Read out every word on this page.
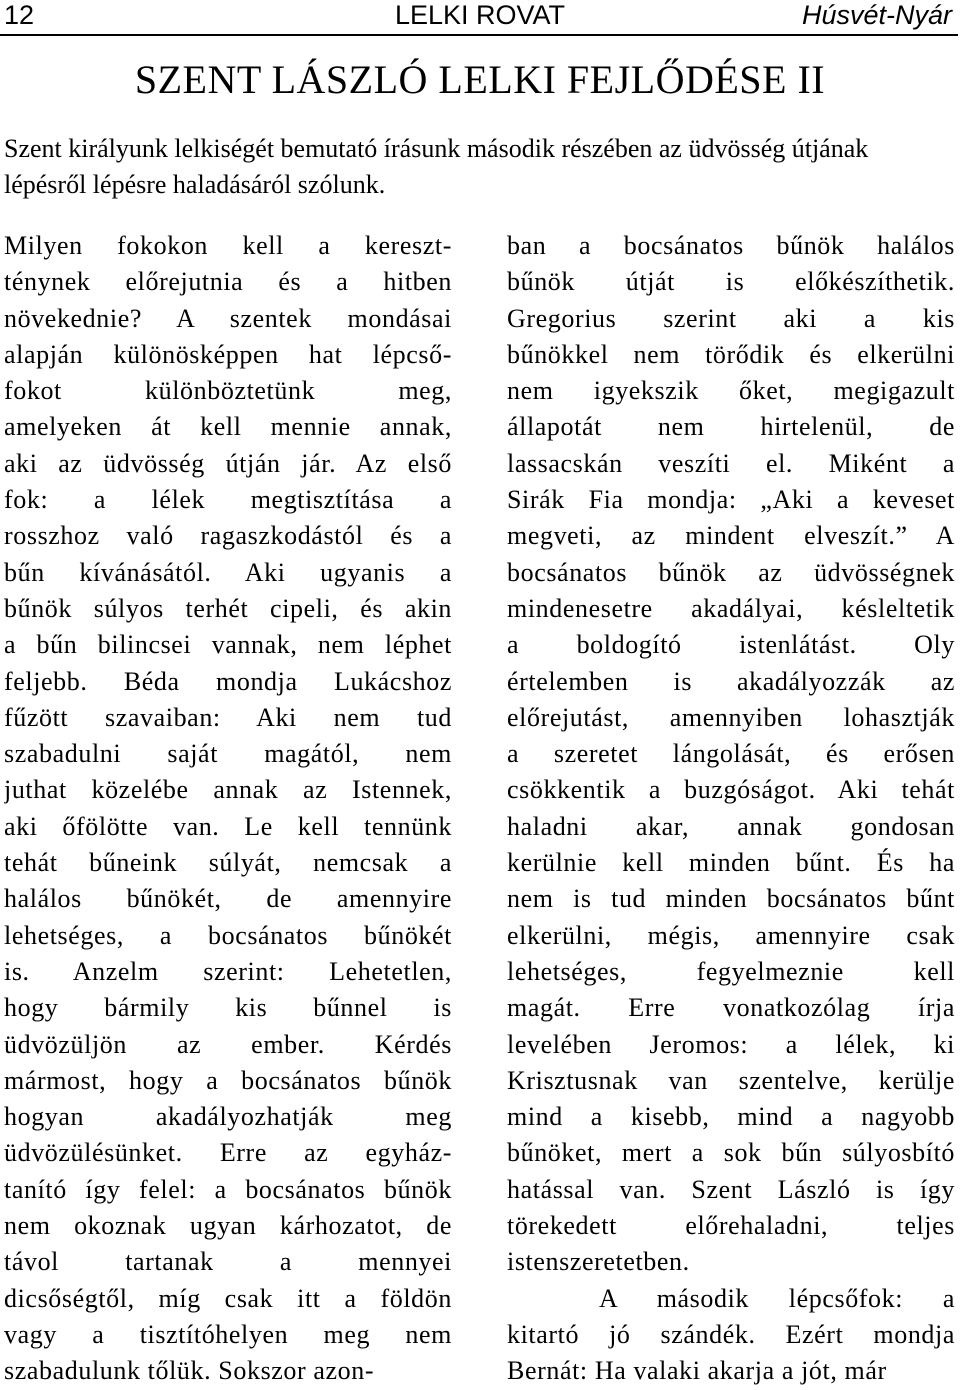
12	LELKI ROVAT	Húsvét-Nyár
SZENT LÁSZLÓ LELKI FEJLŐDÉSE II
Szent királyunk lelkiségét bemutató írásunk második részében az üdvösség útjának lépésről lépésre haladásáról szólunk.
Milyen fokokon kell a kereszt-
ténynek előrejutnia és a hitben
növekednie? A szentek mondásai
alapján különösképpen hat lépcső-
fokot különböztetünk meg,
amelyeken át kell mennie annak,
aki az üdvösség útján jár. Az első
fok: a lélek megtisztítása a
rosszhoz való ragaszkodástól és a
bűn kívánásától. Aki ugyanis a
bűnök súlyos terhét cipeli, és akin
a bűn bilincsei vannak, nem léphet
feljebb. Béda mondja Lukácshoz
fűzött szavaiban: Aki nem tud
szabadulni saját magától, nem
juthat közelébe annak az Istennek,
aki őfölötte van. Le kell tennünk
tehát bűneink súlyát, nemcsak a
halálos bűnökét, de amennyire
lehetséges, a bocsánatos bűnökét
is. Anzelm szerint: Lehetetlen,
hogy bármily kis bűnnel is
üdvözüljön az ember. Kérdés
mármost, hogy a bocsánatos bűnök
hogyan akadályozhatják meg
üdvözülésünket. Erre az egyház-
tanító így felel: a bocsánatos bűnök
nem okoznak ugyan kárhozatot, de
távol tartanak a mennyei
dicsőségtől, míg csak itt a földön
vagy a tisztítóhelyen meg nem
szabadulunk tőlük. Sokszor azon-
ban a bocsánatos bűnök halálos
bűnök útját is előkészíthetik.
Gregorius szerint aki a kis
bűnökkel nem törődik és elkerülni
nem igyekszik őket, megigazult
állapotát nem hirtelenül, de
lassacskán veszíti el. Miként a
Sirák Fia mondja: „Aki a keveset
megveti, az mindent elveszít.” A
bocsánatos bűnök az üdvösségnek
mindenesetre akadályai, késleltetik
a boldogító istenlátást. Oly
értelemben is akadályozzák az
előrejutást, amennyiben lohasztják
a szeretet lángolását, és erősen
csökkentik a buzgóságot. Aki tehát
haladni akar, annak gondosan
kerülnie kell minden bűnt. És ha
nem is tud minden bocsánatos bűnt
elkerülni, mégis, amennyire csak
lehetséges, fegyelmeznie kell
magát. Erre vonatkozólag írja
levelében Jeromos: a lélek, ki
Krisztusnak van szentelve, kerülje
mind a kisebb, mind a nagyobb
bűnöket, mert a sok bűn súlyosbító
hatással van. Szent László is így
törekedett előrehaladni, teljes
istenszeretetben.
A második lépcsőfok: a
kitartó jó szándék. Ezért mondja
Bernát: Ha valaki akarja a jót, már
